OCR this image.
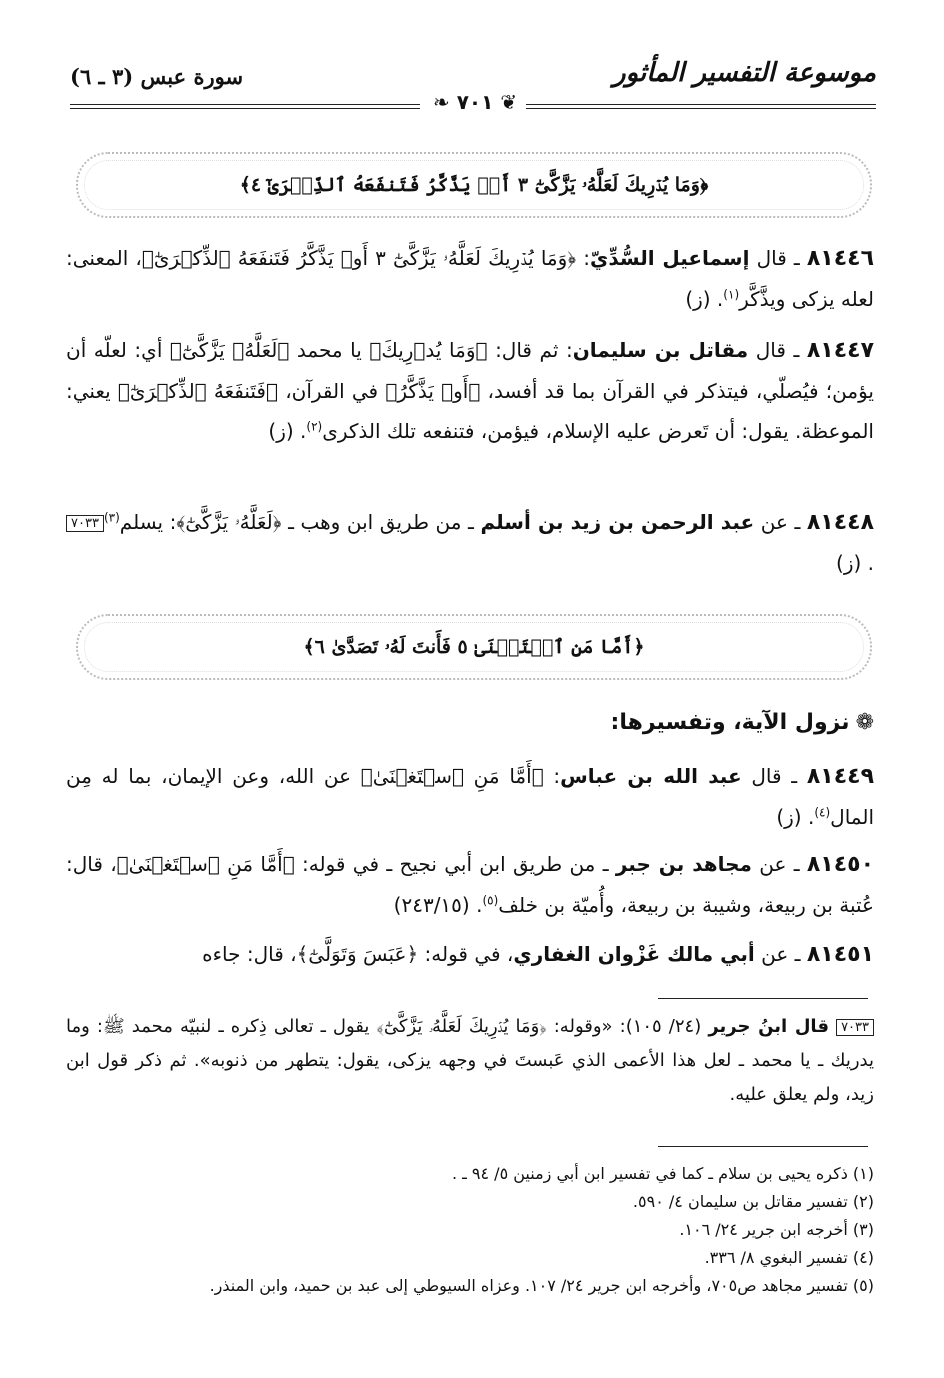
موسوعة التفسير المأثور
سورة عبس (٣ ـ ٦)
❦ ٧٠١ ❧
﴿وَمَا يُدۡرِيكَ لَعَلَّهُۥ يَزَّكَّىٰٓ ٣ أَوۡ يَذَّكَّرُ فَتَنفَعَهُ ٱلذِّكۡرَىٰٓ ٤﴾
٨١٤٤٦ ـ قال إسماعيل السُّدِّيّ: ﴿وَمَا يُدۡرِيكَ لَعَلَّهُۥ يَزَّكَّىٰٓ ٣ أَوۡ يَذَّكَّرُ فَتَنفَعَهُ ٱلذِّكۡرَىٰٓ﴾، المعنى: لعله يزكى ويذَّكَّر$^{(١)}$. (ز)
٨١٤٤٧ ـ قال مقاتل بن سليمان: ثم قال: ﴿وَمَا يُدۡرِيكَ﴾ يا محمد ﴿لَعَلَّهُۥ يَزَّكَّىٰٓ﴾ أي: لعلّه أن يؤمن؛ فيُصلّي، فيتذكر في القرآن بما قد أفسد، ﴿أَوۡ يَذَّكَّرُ﴾ في القرآن، ﴿فَتَنفَعَهُ ٱلذِّكۡرَىٰٓ﴾ يعني: الموعظة. يقول: أن تَعرض عليه الإسلام، فيؤمن، فتنفعه تلك الذكرى$^{(٢)}$. (ز)
٨١٤٤٨ ـ عن عبد الرحمن بن زيد بن أسلم ـ من طريق ابن وهب ـ ﴿لَعَلَّهُۥ يَزَّكَّىٰٓ﴾: يسلم$^{(٣)}$٧٠٣٣. (ز)
﴿أَمَّا مَنِ ٱسۡتَغۡنَىٰ ٥ فَأَنتَ لَهُۥ تَصَدَّىٰ ٦﴾
❁نزول الآية، وتفسيرها:
٨١٤٤٩ ـ قال عبد الله بن عباس: ﴿أَمَّا مَنِ ٱسۡتَغۡنَىٰ﴾ عن الله، وعن الإيمان، بما له مِن المال$^{(٤)}$. (ز)
٨١٤٥٠ ـ عن مجاهد بن جبر ـ من طريق ابن أبي نجيح ـ في قوله: ﴿أَمَّا مَنِ ٱسۡتَغۡنَىٰ﴾، قال: عُتبة بن ربيعة، وشيبة بن ربيعة، وأُميّة بن خلف$^{(٥)}$. (٢٤٣/١٥)
٨١٤٥١ ـ عن أبي مالك غَزْوان الغفاري، في قوله: ﴿عَبَسَ وَتَوَلَّىٰٓ﴾، قال: جاءه
٧٠٣٣ قال ابنُ جرير (٢٤/ ١٠٥): «وقوله: ﴿وَمَا يُدۡرِيكَ لَعَلَّهُۥ يَزَّكَّىٰٓ﴾ يقول ـ تعالى ذِكره ـ لنبيّه محمد ﷺ: وما يدريك ـ يا محمد ـ لعل هذا الأعمى الذي عَبستَ في وجهه يزكى، يقول: يتطهر من ذنوبه». ثم ذكر قول ابن زيد، ولم يعلق عليه.
(١) ذكره يحيى بن سلام ـ كما في تفسير ابن أبي زمنين ٥/ ٩٤ ـ .
(٢) تفسير مقاتل بن سليمان ٤/ ٥٩٠.
(٣) أخرجه ابن جرير ٢٤/ ١٠٦.
(٤) تفسير البغوي ٨/ ٣٣٦.
(٥) تفسير مجاهد ص٧٠٥، وأخرجه ابن جرير ٢٤/ ١٠٧. وعزاه السيوطي إلى عبد بن حميد، وابن المنذر.
